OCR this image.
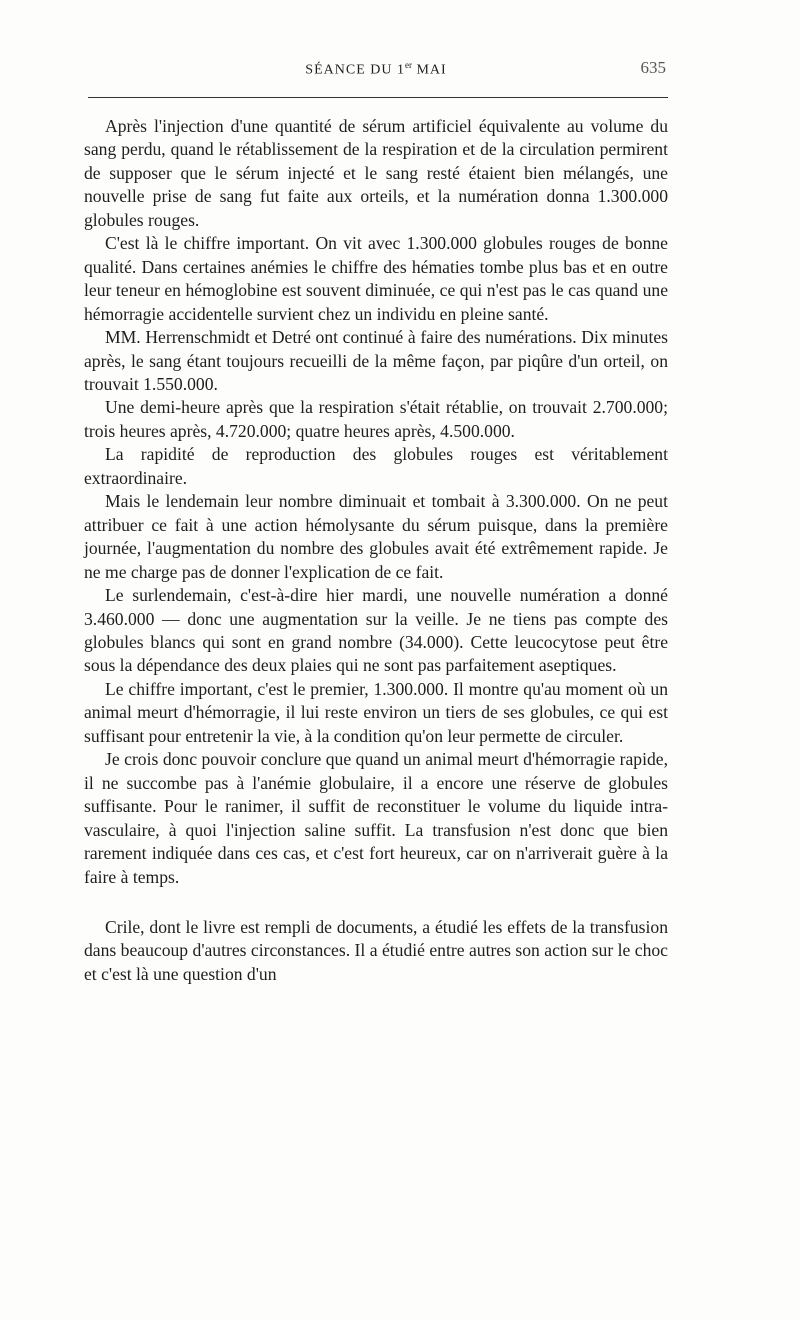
SÉANCE DU 1er MAI	635

Après l'injection d'une quantité de sérum artificiel équivalente au volume du sang perdu, quand le rétablissement de la respiration et de la circulation permirent de supposer que le sérum injecté et le sang resté étaient bien mélangés, une nouvelle prise de sang fut faite aux orteils, et la numération donna 1.300.000 globules rouges.

C'est là le chiffre important. On vit avec 1.300.000 globules rouges de bonne qualité. Dans certaines anémies le chiffre des hématies tombe plus bas et en outre leur teneur en hémoglobine est souvent diminuée, ce qui n'est pas le cas quand une hémorragie accidentelle survient chez un individu en pleine santé.

MM. Herrenschmidt et Detré ont continué à faire des numérations. Dix minutes après, le sang étant toujours recueilli de la même façon, par piqûre d'un orteil, on trouvait 1.550.000.

Une demi-heure après que la respiration s'était rétablie, on trouvait 2.700.000; trois heures après, 4.720.000; quatre heures après, 4.500.000.

La rapidité de reproduction des globules rouges est véritablement extraordinaire.

Mais le lendemain leur nombre diminuait et tombait à 3.300.000. On ne peut attribuer ce fait à une action hémolysante du sérum puisque, dans la première journée, l'augmentation du nombre des globules avait été extrêmement rapide. Je ne me charge pas de donner l'explication de ce fait.

Le surlendemain, c'est-à-dire hier mardi, une nouvelle numération a donné 3.460.000 — donc une augmentation sur la veille. Je ne tiens pas compte des globules blancs qui sont en grand nombre (34.000). Cette leucocytose peut être sous la dépendance des deux plaies qui ne sont pas parfaitement aseptiques.

Le chiffre important, c'est le premier, 1.300.000. Il montre qu'au moment où un animal meurt d'hémorragie, il lui reste environ un tiers de ses globules, ce qui est suffisant pour entretenir la vie, à la condition qu'on leur permette de circuler.

Je crois donc pouvoir conclure que quand un animal meurt d'hémorragie rapide, il ne succombe pas à l'anémie globulaire, il a encore une réserve de globules suffisante. Pour le ranimer, il suffit de reconstituer le volume du liquide intra-vasculaire, à quoi l'injection saline suffit. La transfusion n'est donc que bien rarement indiquée dans ces cas, et c'est fort heureux, car on n'arriverait guère à la faire à temps.

Crile, dont le livre est rempli de documents, a étudié les effets de la transfusion dans beaucoup d'autres circonstances. Il a étudié entre autres son action sur le choc et c'est là une question d'un
